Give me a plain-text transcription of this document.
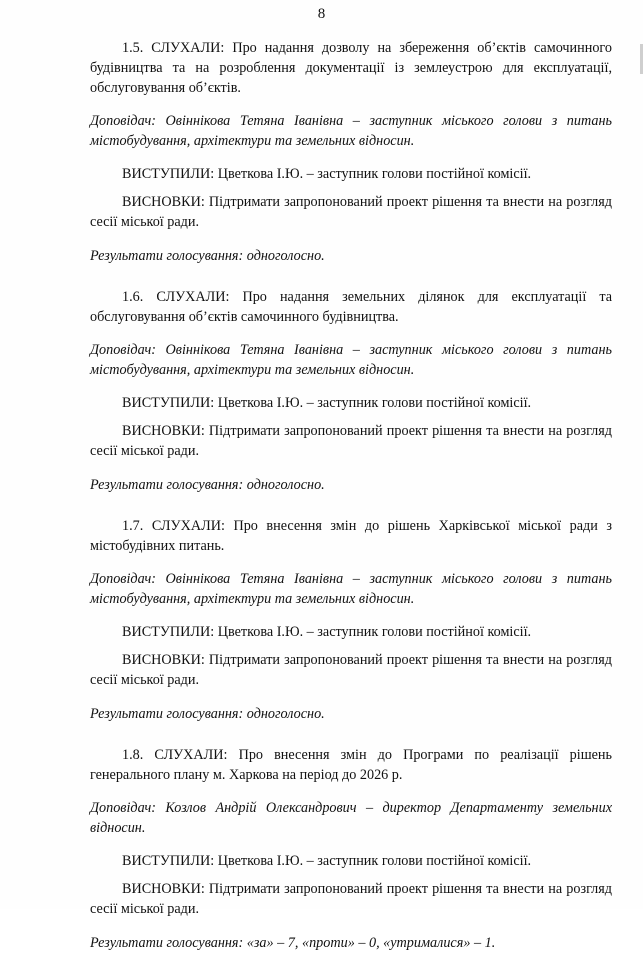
8

1.5. СЛУХАЛИ: Про надання дозволу на збереження об’єктів самочинного будівництва та на розроблення документації із землеустрою для експлуатації, обслуговування об’єктів.

Доповідач: Овіннікова Тетяна Іванівна – заступник міського голови з питань містобудування, архітектури та земельних відносин.

ВИСТУПИЛИ: Цветкова І.Ю. – заступник голови постійної комісії.

ВИСНОВКИ: Підтримати запропонований проект рішення та внести на розгляд сесії міської ради.

Результати голосування: одноголосно.

1.6. СЛУХАЛИ: Про надання земельних ділянок для експлуатації та обслуговування об’єктів самочинного будівництва.

Доповідач: Овіннікова Тетяна Іванівна – заступник міського голови з питань містобудування, архітектури та земельних відносин.

ВИСТУПИЛИ: Цветкова І.Ю. – заступник голови постійної комісії.

ВИСНОВКИ: Підтримати запропонований проект рішення та внести на розгляд сесії міської ради.

Результати голосування: одноголосно.

1.7. СЛУХАЛИ: Про внесення змін до рішень Харківської міської ради з містобудівних питань.

Доповідач: Овіннікова Тетяна Іванівна – заступник міського голови з питань містобудування, архітектури та земельних відносин.

ВИСТУПИЛИ: Цветкова І.Ю. – заступник голови постійної комісії.

ВИСНОВКИ: Підтримати запропонований проект рішення та внести на розгляд сесії міської ради.

Результати голосування: одноголосно.

1.8. СЛУХАЛИ: Про внесення змін до Програми по реалізації рішень генерального плану м. Харкова на період до 2026 р.

Доповідач: Козлов Андрій Олександрович – директор Департаменту земельних відносин.

ВИСТУПИЛИ: Цветкова І.Ю. – заступник голови постійної комісії.

ВИСНОВКИ: Підтримати запропонований проект рішення та внести на розгляд сесії міської ради.

Результати голосування: «за» – 7, «проти» – 0, «утрималися» – 1.
